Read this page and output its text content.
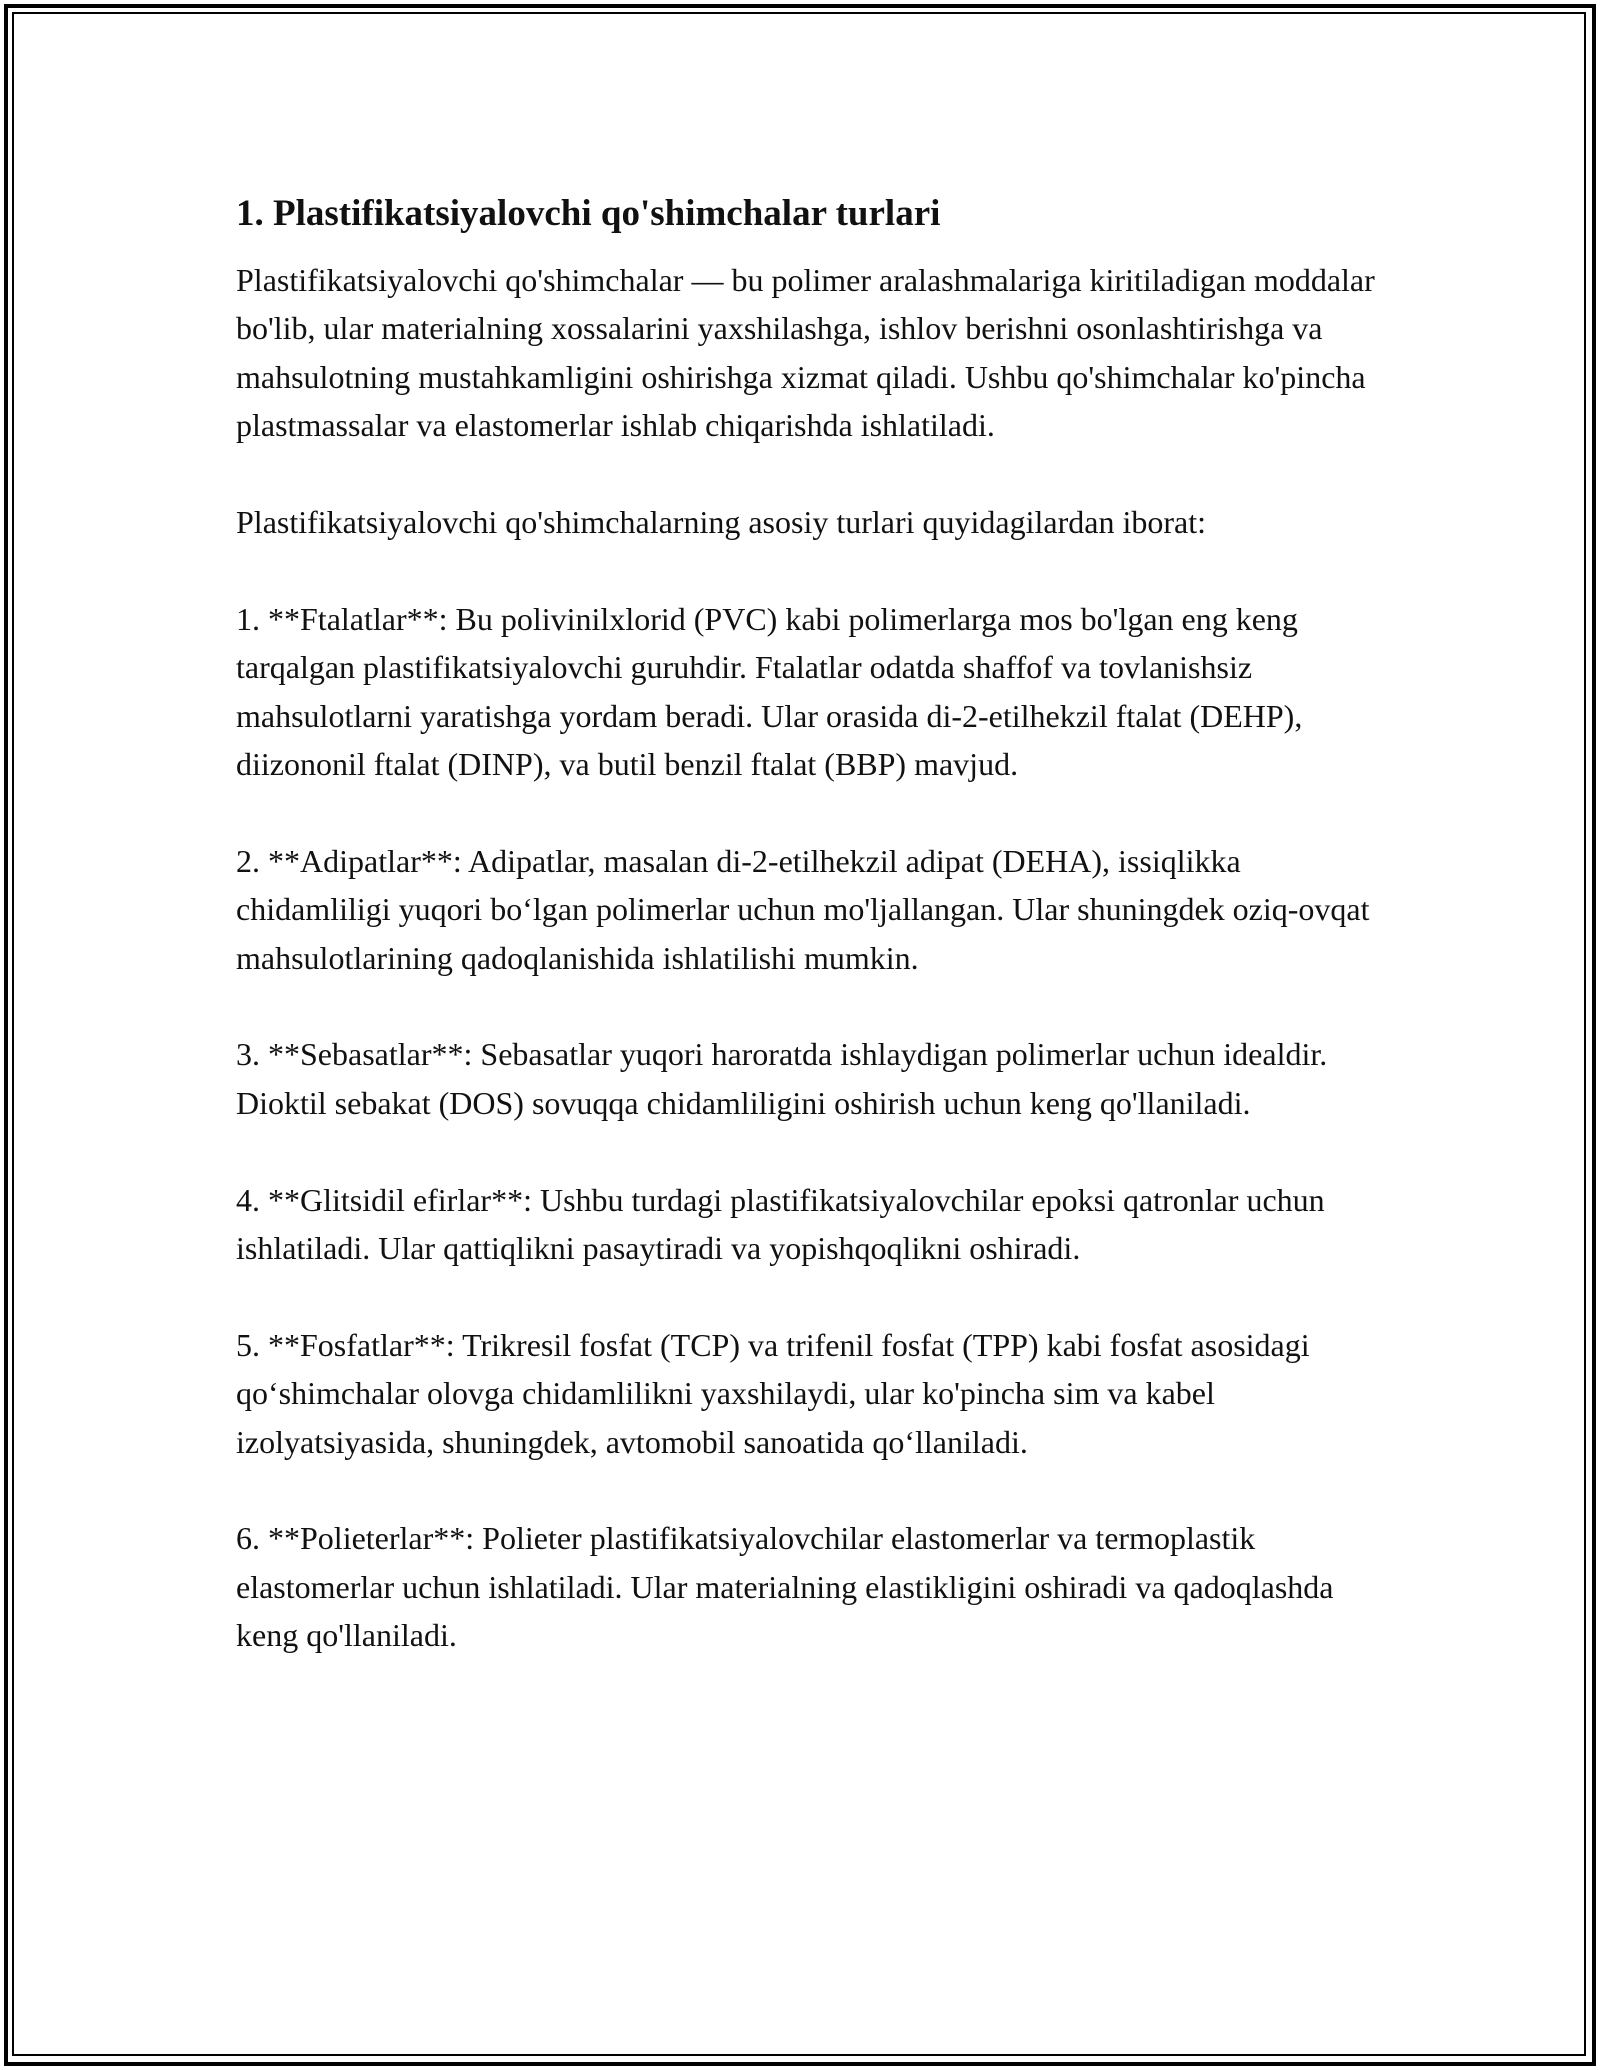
1. Plastifikatsiyalovchi qo'shimchalar turlari

Plastifikatsiyalovchi qo'shimchalar — bu polimer aralashmalariga kiritiladigan moddalar bo'lib, ular materialning xossalarini yaxshilashga, ishlov berishni osonlashtirishga va mahsulotning mustahkamligini oshirishga xizmat qiladi. Ushbu qo'shimchalar ko'pincha plastmassalar va elastomerlar ishlab chiqarishda ishlatiladi.

Plastifikatsiyalovchi qo'shimchalarning asosiy turlari quyidagilardan iborat:

1. **Ftalatlar**: Bu polivinilxlorid (PVC) kabi polimerlarga mos bo'lgan eng keng tarqalgan plastifikatsiyalovchi guruhdir. Ftalatlar odatda shaffof va tovlanishsiz mahsulotlarni yaratishga yordam beradi. Ular orasida di-2-etilhekzil ftalat (DEHP), diizononil ftalat (DINP), va butil benzil ftalat (BBP) mavjud.

2. **Adipatlar**: Adipatlar, masalan di-2-etilhekzil adipat (DEHA), issiqlikka chidamliligi yuqori bo‘lgan polimerlar uchun mo'ljallangan. Ular shuningdek oziq-ovqat mahsulotlarining qadoqlanishida ishlatilishi mumkin.

3. **Sebasatlar**: Sebasatlar yuqori haroratda ishlaydigan polimerlar uchun idealdir. Dioktil sebakat (DOS) sovuqqa chidamliligini oshirish uchun keng qo'llaniladi.

4. **Glitsidil efirlar**: Ushbu turdagi plastifikatsiyalovchilar epoksi qatronlar uchun ishlatiladi. Ular qattiqlikni pasaytiradi va yopishqoqlikni oshiradi.

5. **Fosfatlar**: Trikresil fosfat (TCP) va trifenil fosfat (TPP) kabi fosfat asosidagi qo‘shimchalar olovga chidamlilikni yaxshilaydi, ular ko'pincha sim va kabel izolyatsiyasida, shuningdek, avtomobil sanoatida qo‘llaniladi.

6. **Polieterlar**: Polieter plastifikatsiyalovchilar elastomerlar va termoplastik elastomerlar uchun ishlatiladi. Ular materialning elastikligini oshiradi va qadoqlashda keng qo'llaniladi.
